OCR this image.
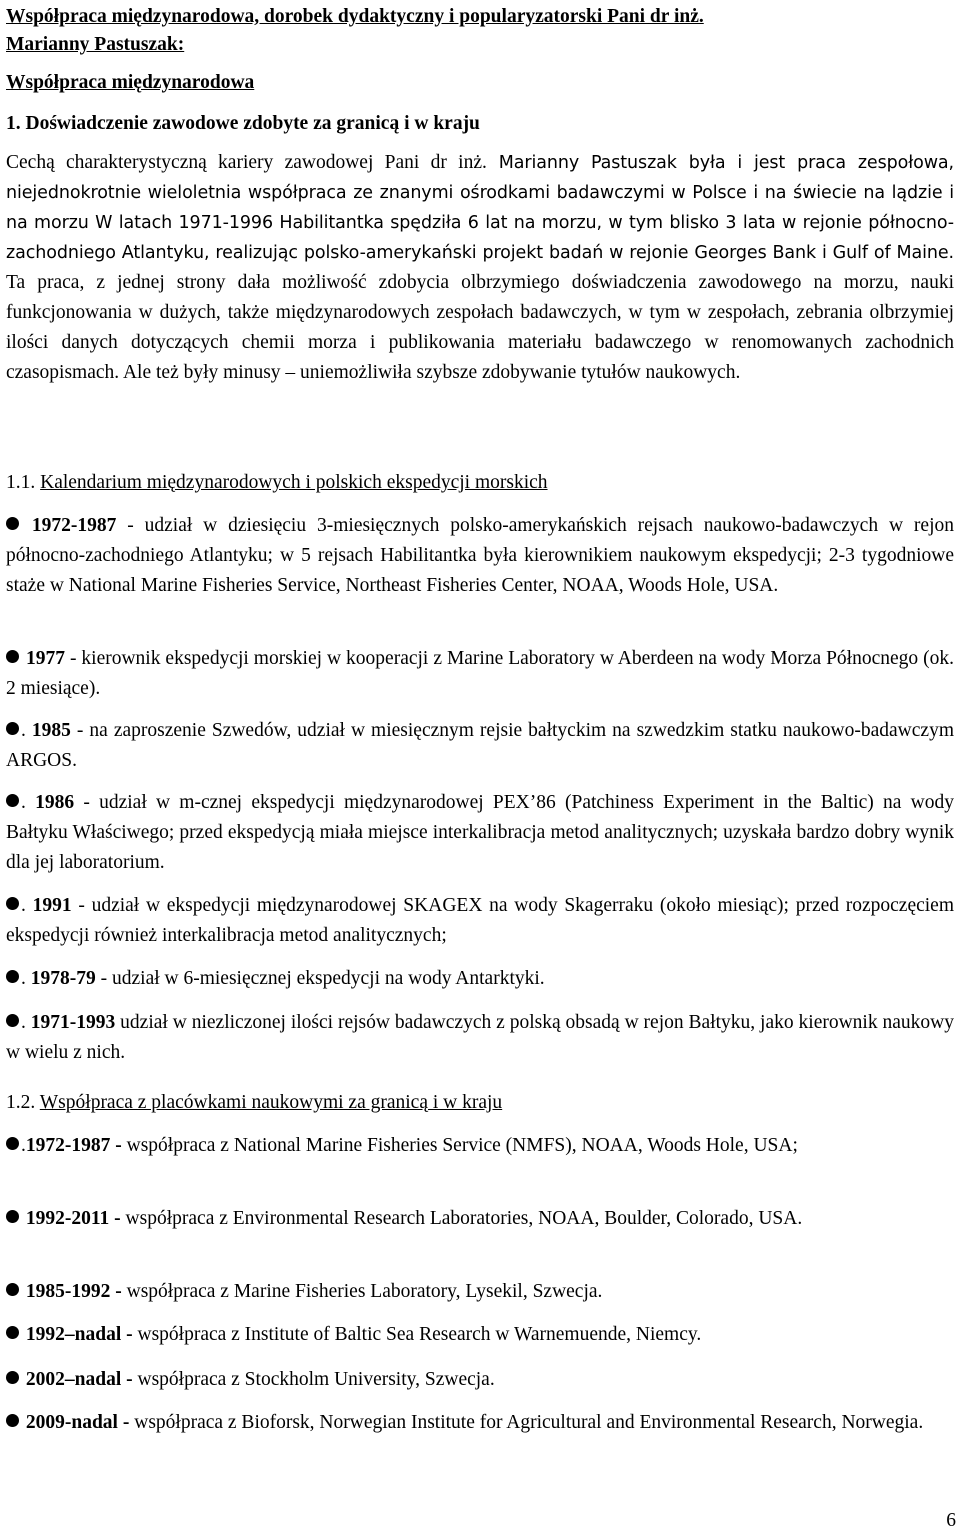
Współpraca międzynarodowa, dorobek dydaktyczny i popularyzatorski Pani dr inż.

Marianny Pastuszak:

Współpraca międzynarodowa

1. Doświadczenie zawodowe zdobyte za granicą i w kraju

Cechą charakterystyczną kariery zawodowej Pani dr inż. Marianny Pastuszak była i jest praca zespołowa, niejednokrotnie wieloletnia współpraca ze znanymi ośrodkami badawczymi w Polsce i na świecie na lądzie i na morzu W latach 1971-1996 Habilitantka spędziła 6 lat na morzu, w tym blisko 3 lata w rejonie północno-zachodniego Atlantyku, realizując polsko-amerykański projekt badań w rejonie Georges Bank i Gulf of Maine. Ta praca, z jednej strony dała możliwość zdobycia olbrzymiego doświadczenia zawodowego na morzu, nauki funkcjonowania w dużych, także międzynarodowych zespołach badawczych, w tym w zespołach, zebrania olbrzymiej ilości danych dotyczących chemii morza i publikowania materiału badawczego w renomowanych zachodnich czasopismach. Ale też były minusy – uniemożliwiła szybsze zdobywanie tytułów naukowych.

1.1. Kalendarium międzynarodowych i polskich ekspedycji morskich

1972-1987 - udział w dziesięciu 3-miesięcznych polsko-amerykańskich rejsach naukowo-badawczych w rejon północno-zachodniego Atlantyku; w 5 rejsach Habilitantka była kierownikiem naukowym ekspedycji; 2-3 tygodniowe staże w National Marine Fisheries Service, Northeast Fisheries Center, NOAA, Woods Hole, USA.

1977 - kierownik ekspedycji morskiej w kooperacji z Marine Laboratory w Aberdeen na wody Morza Północnego (ok. 2 miesiące).

. 1985 - na zaproszenie Szwedów, udział w miesięcznym rejsie bałtyckim na szwedzkim statku naukowo-badawczym ARGOS.

. 1986 - udział w m-cznej ekspedycji międzynarodowej PEX’86 (Patchiness Experiment in the Baltic) na wody Bałtyku Właściwego; przed ekspedycją miała miejsce interkalibracja metod analitycznych; uzyskała bardzo dobry wynik dla jej laboratorium.

. 1991 - udział w ekspedycji międzynarodowej SKAGEX na wody Skagerraku (około miesiąc); przed rozpoczęciem ekspedycji również interkalibracja metod analitycznych;

. 1978-79 - udział w 6-miesięcznej ekspedycji na wody Antarktyki.

. 1971-1993 udział w niezliczonej ilości rejsów badawczych z polską obsadą w rejon Bałtyku, jako kierownik naukowy w wielu z nich.

1.2. Współpraca z placówkami naukowymi za granicą i w kraju

.1972-1987 - współpraca z National Marine Fisheries Service (NMFS), NOAA, Woods Hole, USA;

1992-2011 - współpraca z Environmental Research Laboratories, NOAA, Boulder, Colorado, USA.

1985-1992 - współpraca z Marine Fisheries Laboratory, Lysekil, Szwecja.

1992–nadal - współpraca z Institute of Baltic Sea Research w Warnemuende, Niemcy.

2002–nadal - współpraca z Stockholm University, Szwecja.

2009-nadal - współpraca z Bioforsk, Norwegian Institute for Agricultural and Environmental Research, Norwegia.

6
